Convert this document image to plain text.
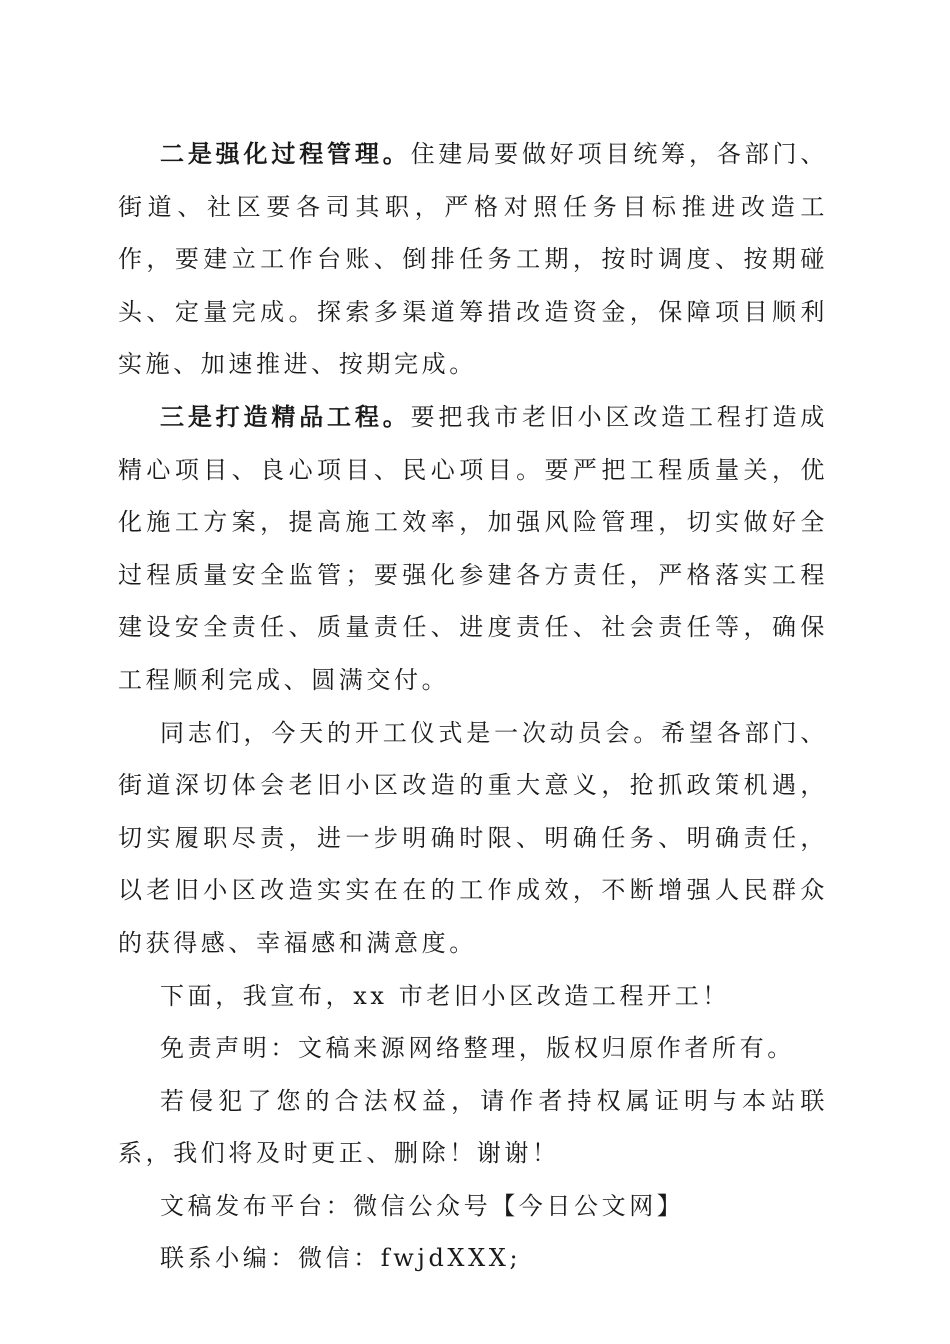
二是强化过程管理。住建局要做好项目统筹，各部门、街道、社区要各司其职，严格对照任务目标推进改造工作，要建立工作台账、倒排任务工期，按时调度、按期碰头、定量完成。探索多渠道筹措改造资金，保障项目顺利实施、加速推进、按期完成。

三是打造精品工程。要把我市老旧小区改造工程打造成精心项目、良心项目、民心项目。要严把工程质量关，优化施工方案，提高施工效率，加强风险管理，切实做好全过程质量安全监管；要强化参建各方责任，严格落实工程建设安全责任、质量责任、进度责任、社会责任等，确保工程顺利完成、圆满交付。

同志们，今天的开工仪式是一次动员会。希望各部门、街道深切体会老旧小区改造的重大意义，抢抓政策机遇，切实履职尽责，进一步明确时限、明确任务、明确责任，以老旧小区改造实实在在的工作成效，不断增强人民群众的获得感、幸福感和满意度。

下面，我宣布，xx 市老旧小区改造工程开工！

免责声明：文稿来源网络整理，版权归原作者所有。

若侵犯了您的合法权益，请作者持权属证明与本站联系，我们将及时更正、删除！谢谢！

文稿发布平台：微信公众号【今日公文网】

联系小编：微信：fwjdXXX;
